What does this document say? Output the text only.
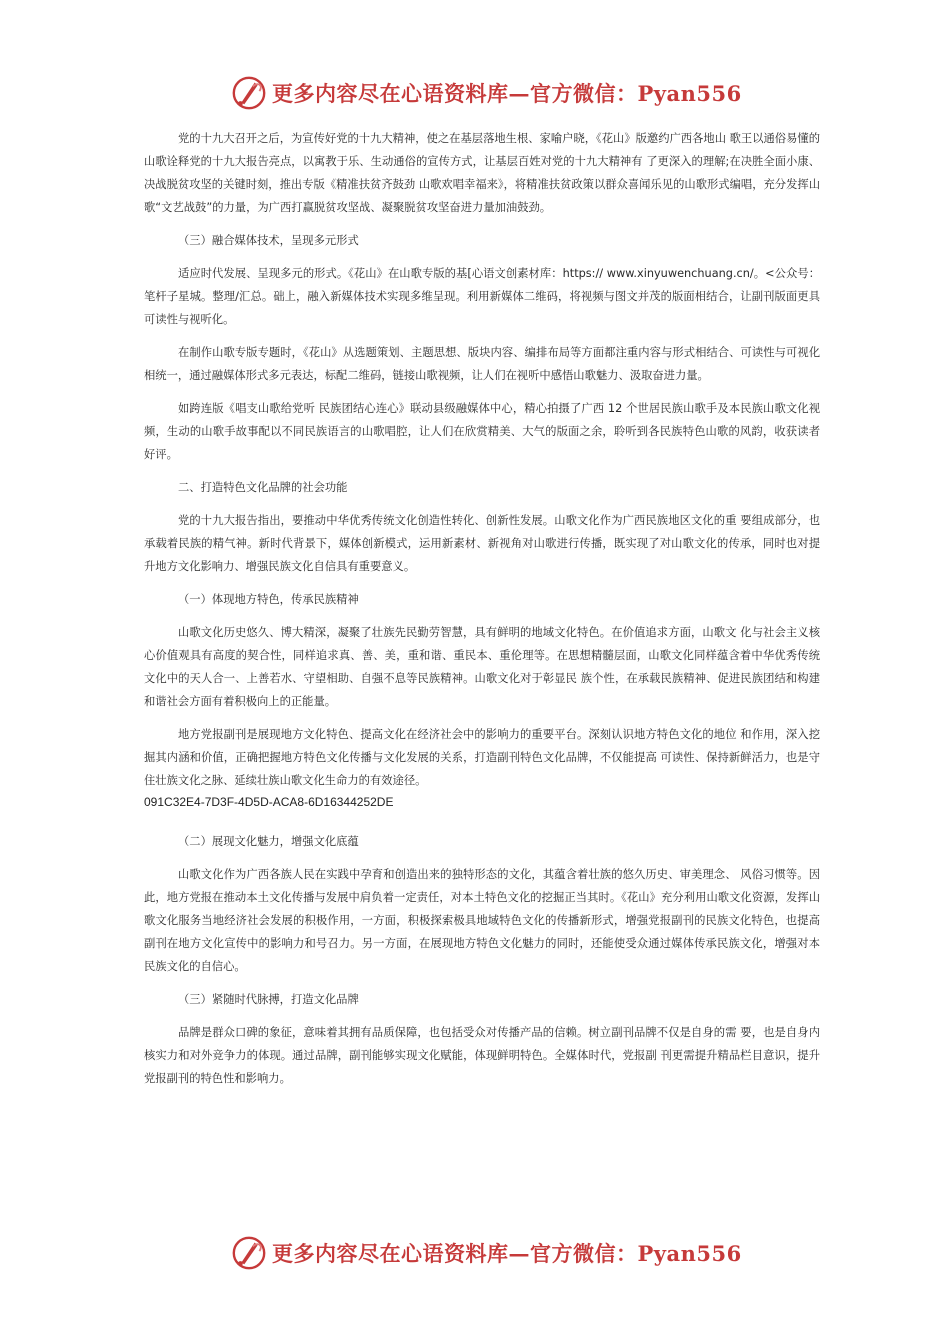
更多内容尽在心语资料库—官方微信：Pyan556

党的十九大召开之后，为宣传好党的十九大精神，使之在基层落地生根、家喻户晓，《花山》版邀约广西各地山 歌王以通俗易懂的山歌诠释党的十九大报告亮点，以寓教于乐、生动通俗的宣传方式，让基层百姓对党的十九大精神有 了更深入的理解;在决胜全面小康、决战脱贫攻坚的关键时刻，推出专版《精准扶贫齐鼓劲 山歌欢唱幸福来》，将精准扶贫政策以群众喜闻乐见的山歌形式编唱，充分发挥山歌“文艺战鼓”的力量，为广西打赢脱贫攻坚战、凝聚脱贫攻坚奋进力量加油鼓劲。

（三）融合媒体技术，呈现多元形式

适应时代发展、呈现多元的形式。《花山》在山歌专版的基[心语文创素材库：https:// www.xinyuwenchuang.cn/。<公众号：笔杆子星城。整理/汇总。础上，融入新媒体技术实现多维呈现。利用新媒体二维码，将视频与图文并茂的版面相结合，让副刊版面更具可读性与视听化。

在制作山歌专版专题时，《花山》从选题策划、主题思想、版块内容、编排布局等方面都注重内容与形式相结合、可读性与可视化相统一，通过融媒体形式多元表达，标配二维码，链接山歌视频，让人们在视听中感悟山歌魅力、汲取奋进力量。

如跨连版《唱支山歌给党听 民族团结心连心》联动县级融媒体中心，精心拍摄了广西 12 个世居民族山歌手及本民族山歌文化视频，生动的山歌手故事配以不同民族语言的山歌唱腔，让人们在欣赏精美、大气的版面之余，聆听到各民族特色山歌的风韵，收获读者好评。

二、打造特色文化品牌的社会功能

党的十九大报告指出，要推动中华优秀传统文化创造性转化、创新性发展。山歌文化作为广西民族地区文化的重 要组成部分，也承载着民族的精气神。新时代背景下，媒体创新模式，运用新素材、新视角对山歌进行传播，既实现了对山歌文化的传承，同时也对提升地方文化影响力、增强民族文化自信具有重要意义。

（一）体现地方特色，传承民族精神

山歌文化历史悠久、博大精深，凝聚了壮族先民勤劳智慧，具有鲜明的地域文化特色。在价值追求方面，山歌文 化与社会主义核心价值观具有高度的契合性，同样追求真、善、美，重和谐、重民本、重伦理等。在思想精髓层面，山歌文化同样蕴含着中华优秀传统文化中的天人合一、上善若水、守望相助、自强不息等民族精神。山歌文化对于彰显民 族个性，在承载民族精神、促进民族团结和构建和谐社会方面有着积极向上的正能量。

地方党报副刊是展现地方文化特色、提高文化在经济社会中的影响力的重要平台。深刻认识地方特色文化的地位 和作用，深入挖掘其内涵和价值，正确把握地方特色文化传播与文化发展的关系，打造副刊特色文化品牌，不仅能提高 可读性、保持新鲜活力，也是守住壮族文化之脉、延续壮族山歌文化生命力的有效途径。

091C32E4-7D3F-4D5D-ACA8-6D16344252DE

（二）展现文化魅力，增强文化底蕴

山歌文化作为广西各族人民在实践中孕育和创造出来的独特形态的文化，其蕴含着壮族的悠久历史、审美理念、 风俗习惯等。因此，地方党报在推动本土文化传播与发展中肩负着一定责任，对本土特色文化的挖掘正当其时。《花山》充分利用山歌文化资源，发挥山歌文化服务当地经济社会发展的积极作用，一方面，积极探索极具地域特色文化的传播新形式，增强党报副刊的民族文化特色，也提高副刊在地方文化宣传中的影响力和号召力。另一方面，在展现地方特色文化魅力的同时，还能使受众通过媒体传承民族文化，增强对本民族文化的自信心。

（三）紧随时代脉搏，打造文化品牌

品牌是群众口碑的象征，意味着其拥有品质保障，也包括受众对传播产品的信赖。树立副刊品牌不仅是自身的需 要，也是自身内核实力和对外竞争力的体现。通过品牌，副刊能够实现文化赋能，体现鲜明特色。全媒体时代，党报副 刊更需提升精品栏目意识，提升党报副刊的特色性和影响力。

更多内容尽在心语资料库—官方微信：Pyan556
